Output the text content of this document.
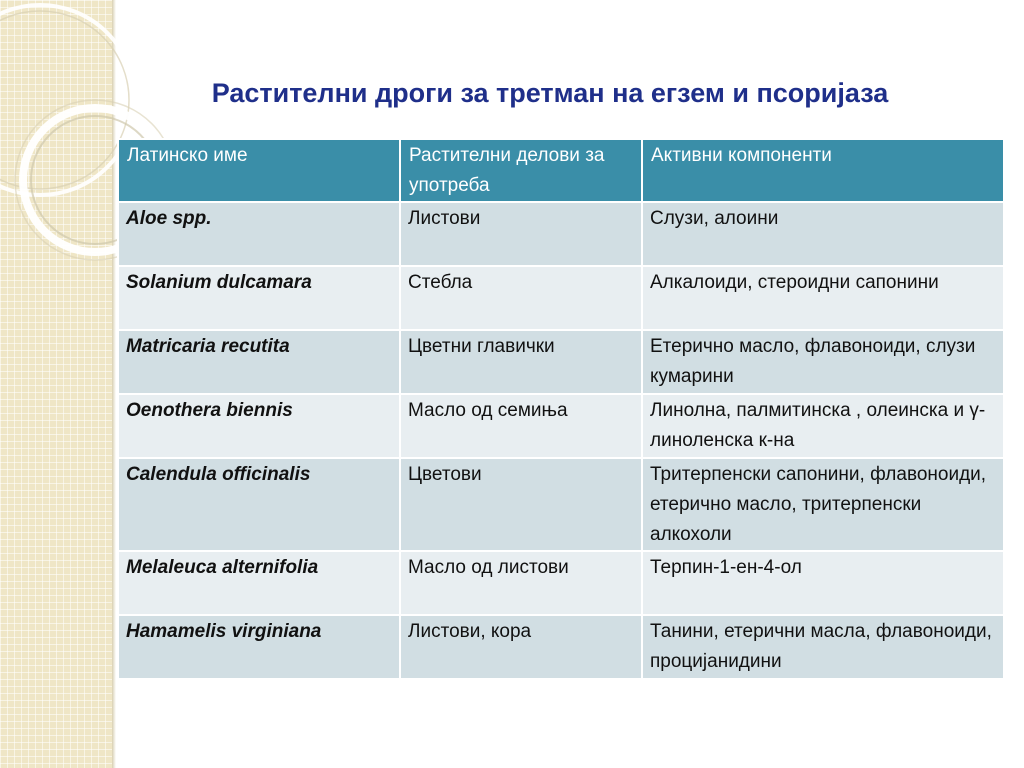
Растителни дроги за третман на егзем и псоријаза
Латинско име	Растителни делови за употреба	Активни компоненти
Aloe spp.	Листови	Слузи, алоини
Solanium dulcamara	Стебла	Алкалоиди, стероидни сапонини
Matricaria recutita	Цветни главички	Етерично масло, флавоноиди, слузи кумарини
Oenothera biennis	Масло од семиња	Линолна, палмитинска , олеинска и γ-линоленска к-на
Calendula officinalis	Цветови	Тритерпенски сапонини, флавоноиди, етерично масло, тритерпенски алкохоли
Melaleuca alternifolia	Масло од листови	Терпин-1-ен-4-ол
Hamamelis virginiana	Листови, кора	Танини, етерични масла, флавоноиди, процијанидини
